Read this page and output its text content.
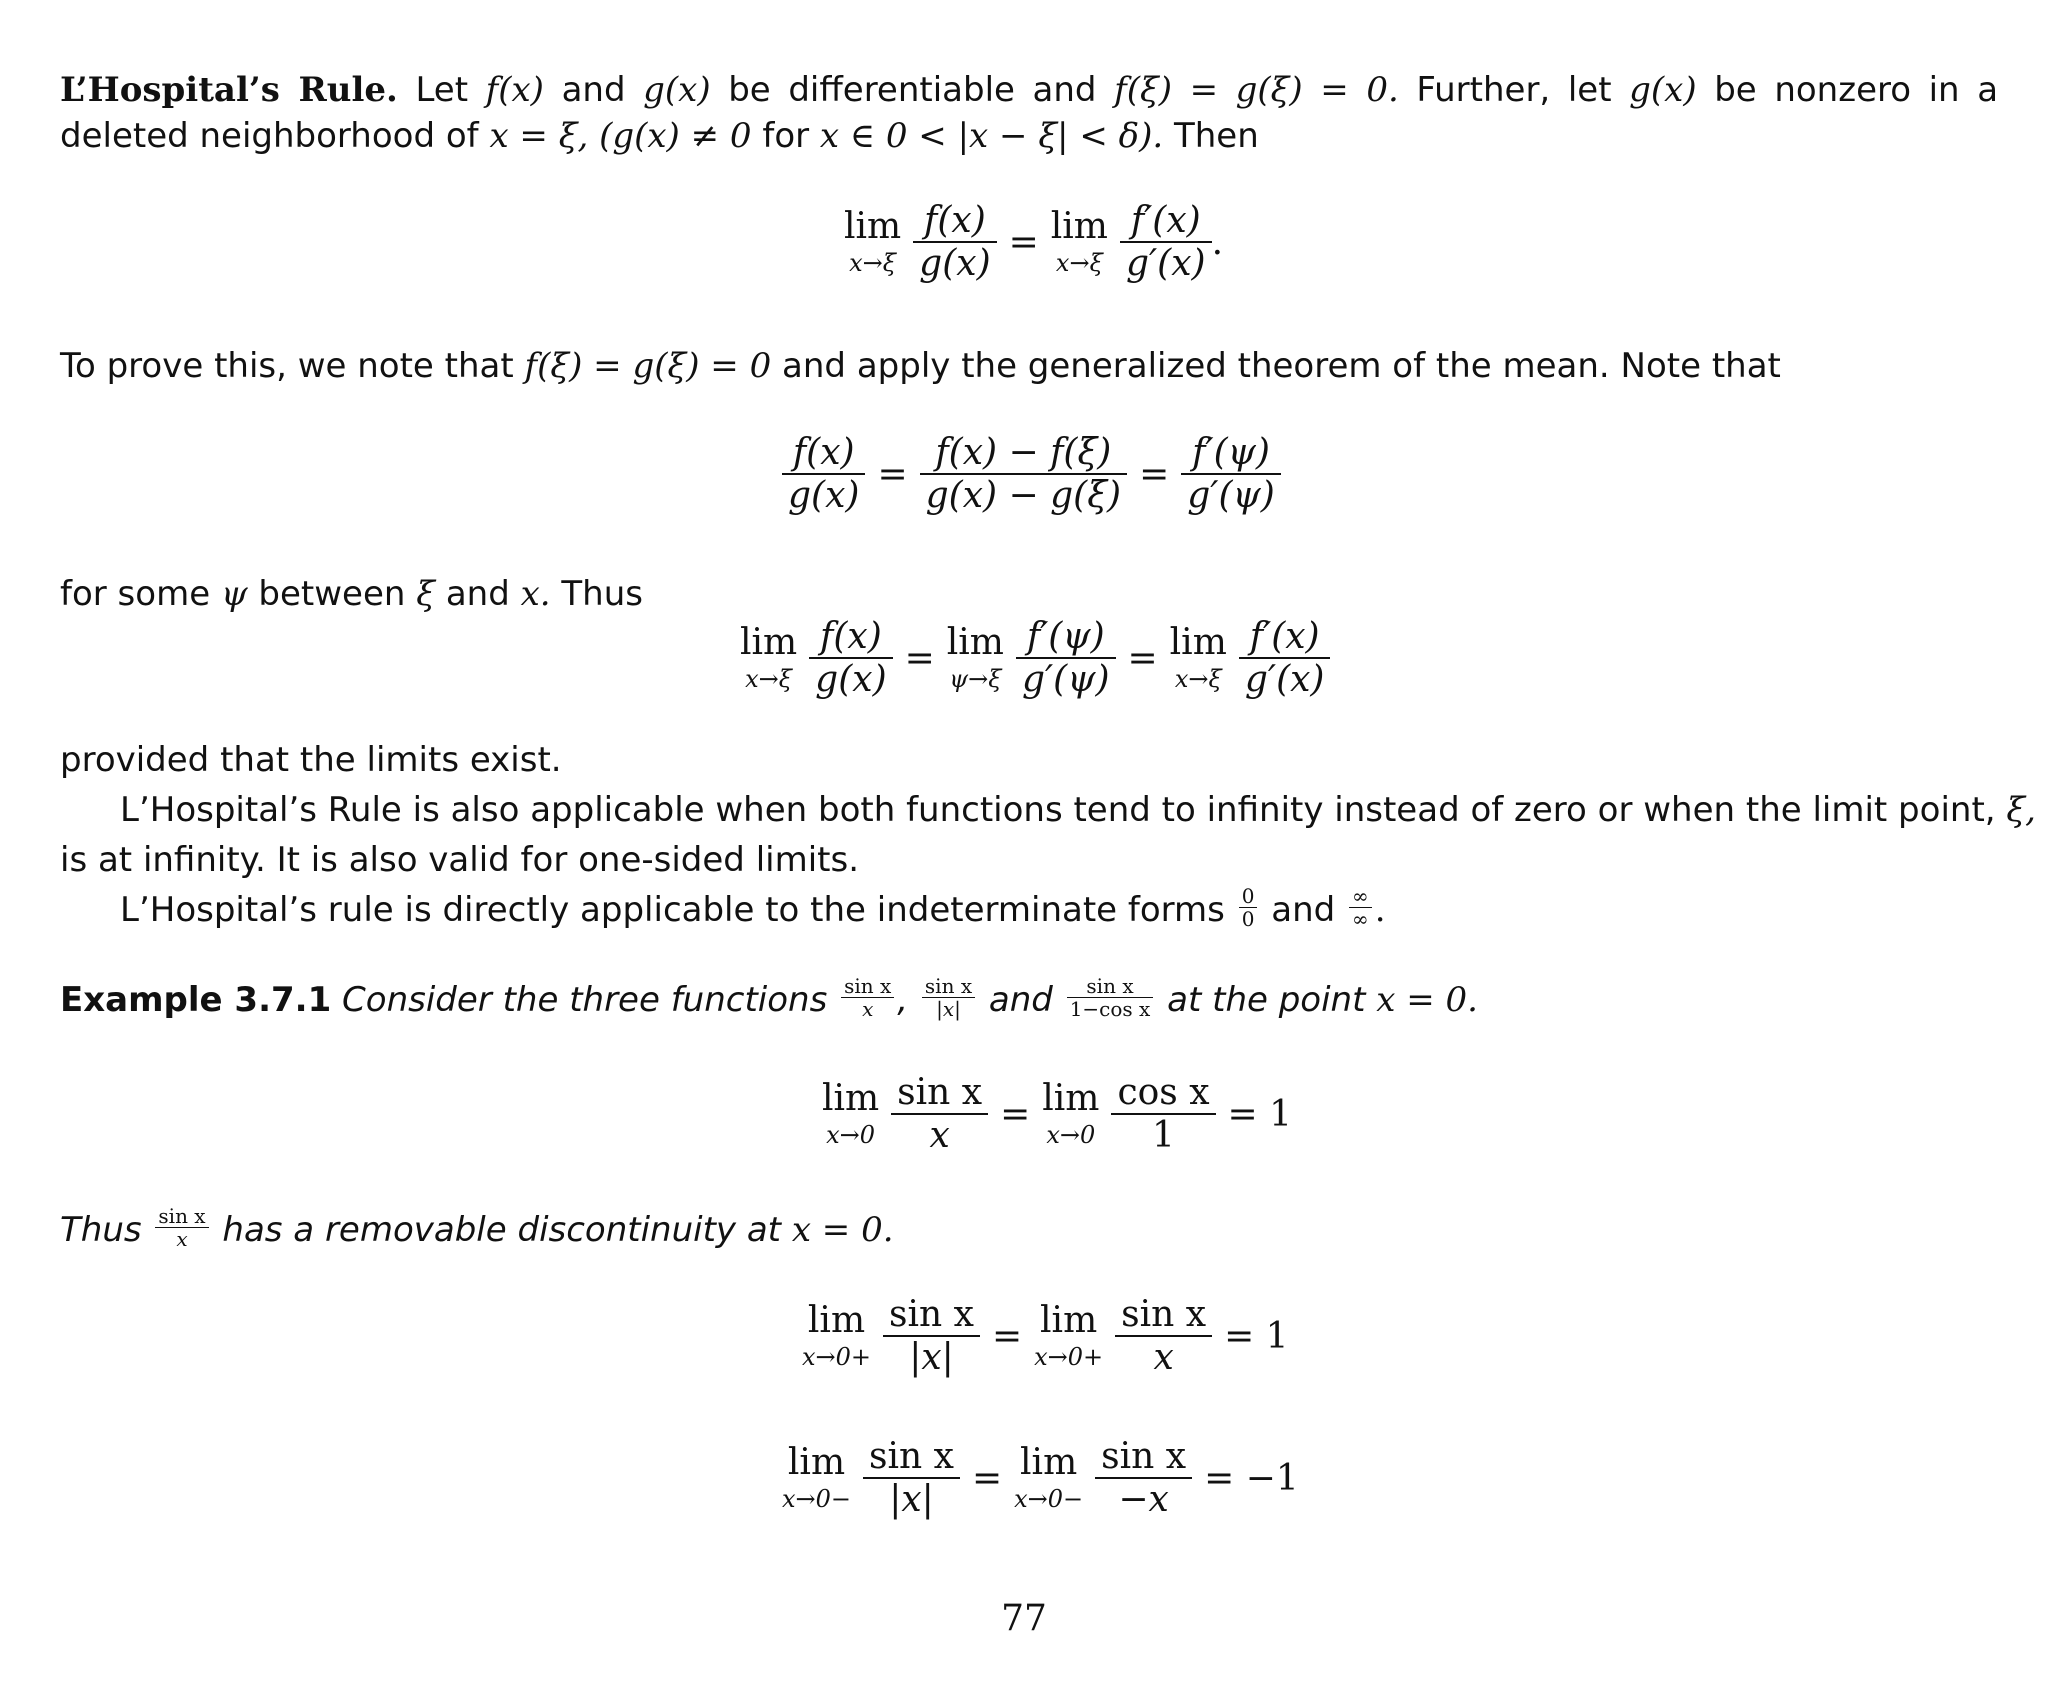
L’Hospital’s Rule. Let f(x) and g(x) be differentiable and f(ξ) = g(ξ) = 0. Further, let g(x) be nonzero in a
deleted neighborhood of x = ξ, (g(x) ≠ 0 for x ∈ 0 < |x − ξ| < δ). Then
lim
$x\to\xi \frac{f(x)}{g(x)} = \lim$
$x\to\xi \frac{f'(x)}{g'(x)}$ .
To prove this, we note that f(ξ) = g(ξ) = 0 and apply the generalized theorem of the mean. Note that
$\frac{f(x)}{g(x)} = \frac{f(x) - f(\xi)}{g(x) - g(\xi)} = \frac{f'(\psi)}{g'(\psi)}$
for some ψ between ξ and x. Thus
lim
$x\to\xi \frac{f(x)}{g(x)} = \lim$
$\psi\to\xi \frac{f'(\psi)}{g'(\psi)} = \lim$
$x\to\xi \frac{f'(x)}{g'(x)}$
provided that the limits exist.
L’Hospital’s Rule is also applicable when both functions tend to infinity instead of zero or when the limit point, ξ,
is at infinity. It is also valid for one-sided limits.
L’Hospital’s rule is directly applicable to the indeterminate forms $\frac{0}{0}$ and ∞
∞ .
Example 3.7.1 Consider the three functions $\frac{\text{sin x}}{x}$ , $\frac{\text{sin x}}{|x|}$ and $\frac{\text{sin x}}{\text{1−cos x}}$ at the point x = 0.
lim
$x\to 0 \frac{\text{sin x}}{x} = \lim$
$x\to 0 \frac{\text{cos x}}{1} = 1$
Thus $\frac{\text{sin x}}{x}$ has a removable discontinuity at x = 0.
lim
$x\to 0+ \frac{\text{sin x}}{|x|} = \lim$
$x\to 0+ \frac{\text{sin x}}{x} = 1$
lim
$x\to 0- \frac{\text{sin x}}{|x|} = \lim$
$x\to 0- \frac{\text{sin x}}{-x} = -1$
77
